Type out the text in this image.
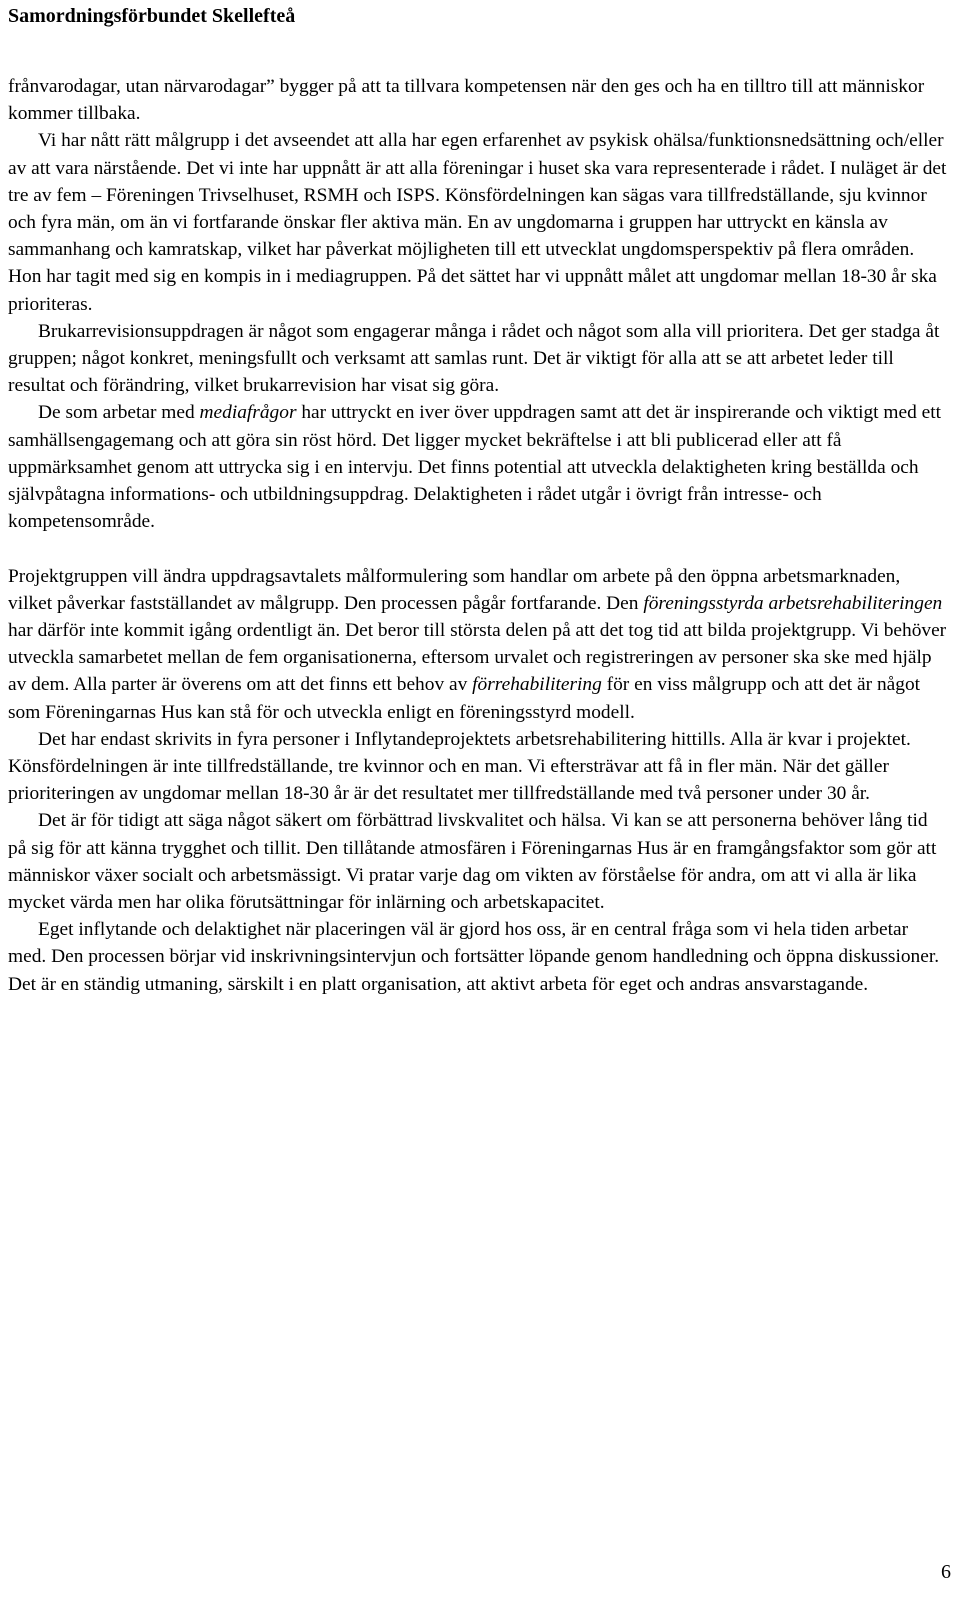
Samordningsförbundet Skellefteå

frånvarodagar, utan närvarodagar” bygger på att ta tillvara kompetensen när den ges och ha en tilltro till att människor kommer tillbaka.

Vi har nått rätt målgrupp i det avseendet att alla har egen erfarenhet av psykisk ohälsa/funktionsnedsättning och/eller av att vara närstående. Det vi inte har uppnått är att alla föreningar i huset ska vara representerade i rådet. I nuläget är det tre av fem – Föreningen Trivselhuset, RSMH och ISPS. Könsfördelningen kan sägas vara tillfredställande, sju kvinnor och fyra män, om än vi fortfarande önskar fler aktiva män. En av ungdomarna i gruppen har uttryckt en känsla av sammanhang och kamratskap, vilket har påverkat möjligheten till ett utvecklat ungdomsperspektiv på flera områden. Hon har tagit med sig en kompis in i mediagruppen. På det sättet har vi uppnått målet att ungdomar mellan 18-30 år ska prioriteras.

Brukarrevisionsuppdragen är något som engagerar många i rådet och något som alla vill prioritera. Det ger stadga åt gruppen; något konkret, meningsfullt och verksamt att samlas runt. Det är viktigt för alla att se att arbetet leder till resultat och förändring, vilket brukarrevision har visat sig göra.

De som arbetar med mediafrågor har uttryckt en iver över uppdragen samt att det är inspirerande och viktigt med ett samhällsengagemang och att göra sin röst hörd. Det ligger mycket bekräftelse i att bli publicerad eller att få uppmärksamhet genom att uttrycka sig i en intervju. Det finns potential att utveckla delaktigheten kring beställda och självpåtagna informations- och utbildningsuppdrag. Delaktigheten i rådet utgår i övrigt från intresse- och kompetensområde.

Projektgruppen vill ändra uppdragsavtalets målformulering som handlar om arbete på den öppna arbetsmarknaden, vilket påverkar fastställandet av målgrupp. Den processen pågår fortfarande. Den föreningsstyrda arbetsrehabiliteringen har därför inte kommit igång ordentligt än. Det beror till största delen på att det tog tid att bilda projektgrupp. Vi behöver utveckla samarbetet mellan de fem organisationerna, eftersom urvalet och registreringen av personer ska ske med hjälp av dem. Alla parter är överens om att det finns ett behov av förrehabilitering för en viss målgrupp och att det är något som Föreningarnas Hus kan stå för och utveckla enligt en föreningsstyrd modell.

Det har endast skrivits in fyra personer i Inflytandeprojektets arbetsrehabilitering hittills. Alla är kvar i projektet. Könsfördelningen är inte tillfredställande, tre kvinnor och en man. Vi eftersträvar att få in fler män. När det gäller prioriteringen av ungdomar mellan 18-30 år är det resultatet mer tillfredställande med två personer under 30 år.

Det är för tidigt att säga något säkert om förbättrad livskvalitet och hälsa. Vi kan se att personerna behöver lång tid på sig för att känna trygghet och tillit. Den tillåtande atmosfären i Föreningarnas Hus är en framgångsfaktor som gör att människor växer socialt och arbetsmässigt. Vi pratar varje dag om vikten av förståelse för andra, om att vi alla är lika mycket värda men har olika förutsättningar för inlärning och arbetskapacitet.

Eget inflytande och delaktighet när placeringen väl är gjord hos oss, är en central fråga som vi hela tiden arbetar med. Den processen börjar vid inskrivningsintervjun och fortsätter löpande genom handledning och öppna diskussioner. Det är en ständig utmaning, särskilt i en platt organisation, att aktivt arbeta för eget och andras ansvarstagande.

6
